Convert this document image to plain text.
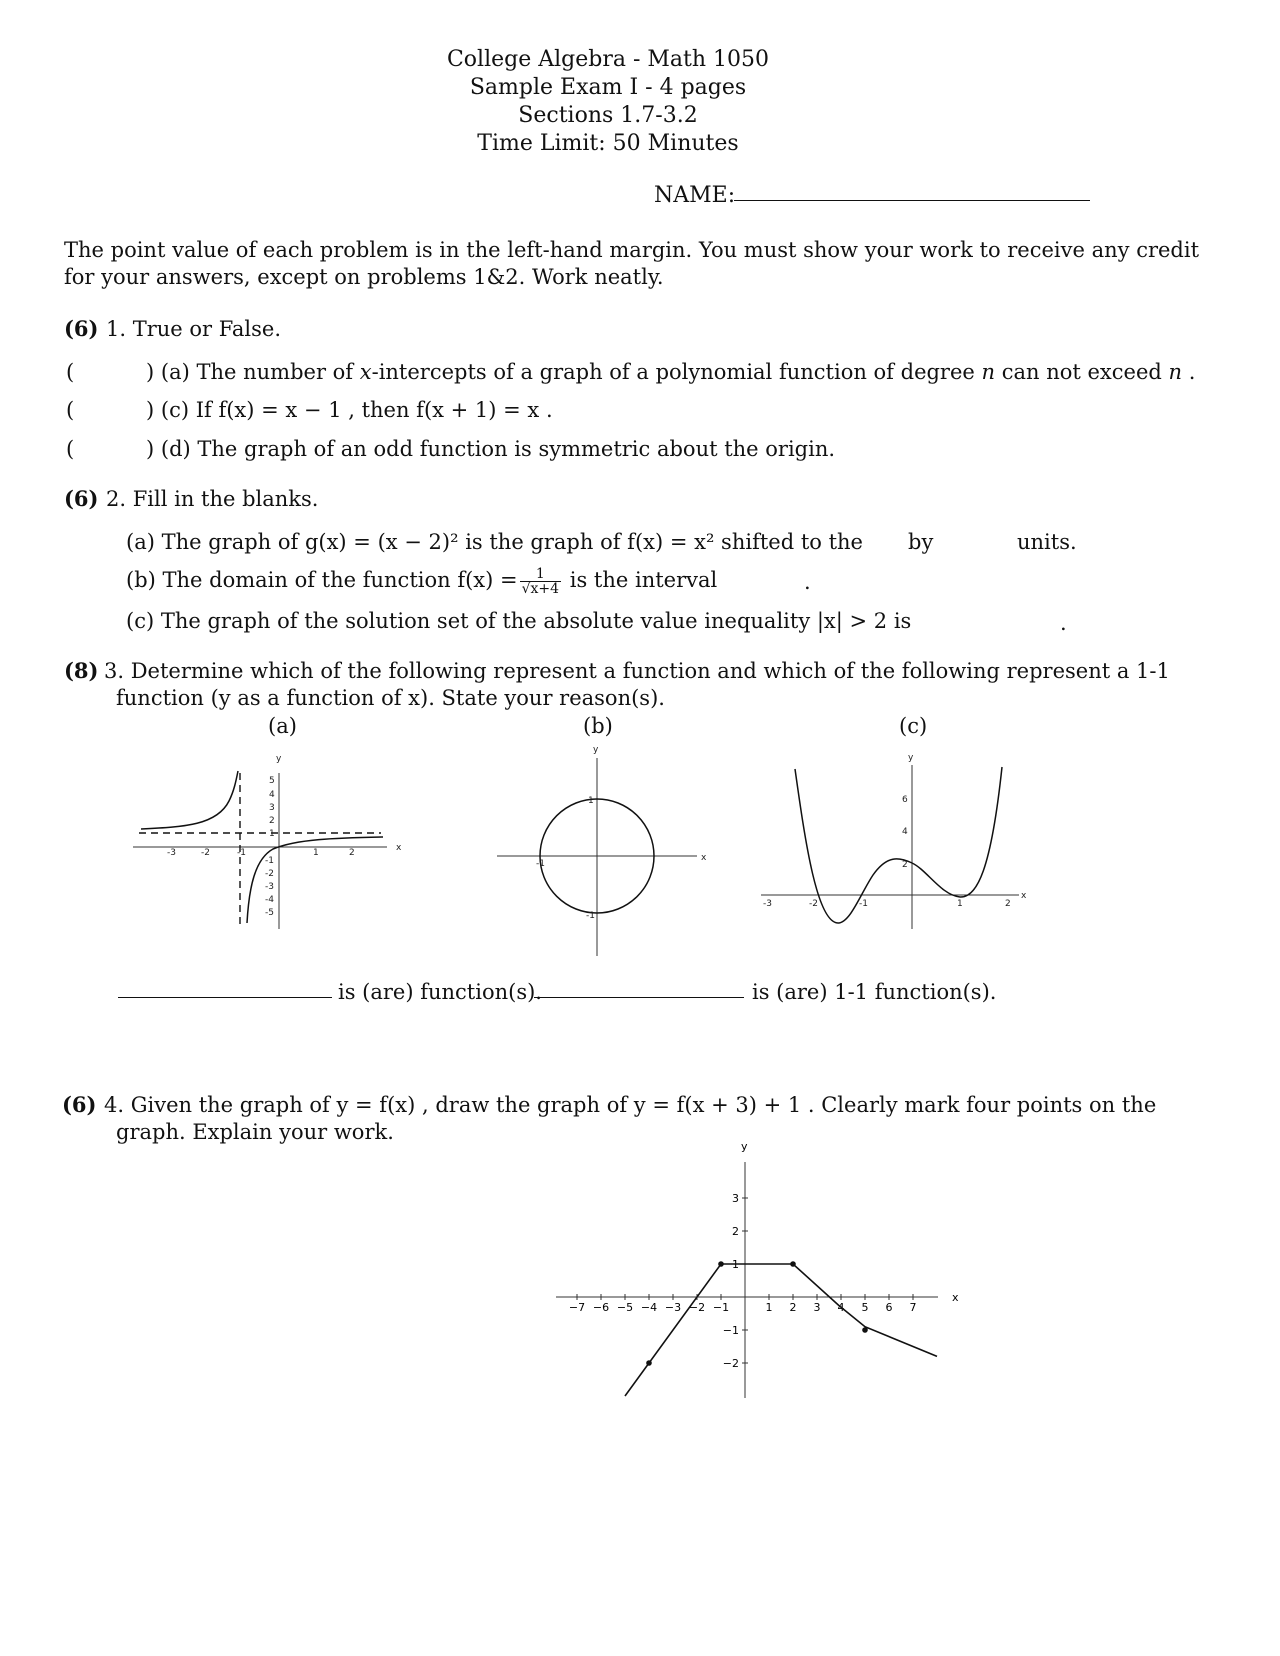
College Algebra - Math 1050
Sample Exam I - 4 pages
Sections 1.7-3.2
Time Limit: 50 Minutes
NAME:
The point value of each problem is in the left-hand margin. You must show your work to receive any credit
for your answers, except on problems 1&2. Work neatly.
(6) 1. True or False.
(	) (a) The number of x-intercepts of a graph of a polynomial function of degree n can not exceed n .
(	) (c) If f(x) = x − 1 , then f(x + 1) = x .
(	) (d) The graph of an odd function is symmetric about the origin.
(6) 2. Fill in the blanks.
(a) The graph of g(x) = (x − 2)² is the graph of f(x) = x² shifted to the by	units.
(b) The domain of the function $f(x) = \frac{1}{√x+4}$ is the interval	.
(c) The graph of the solution set of the absolute value inequality |x| > 2 is	.
(8) 3. Determine which of the following represent a function and which of the following represent a 1-1
function (y as a function of x). State your reason(s).
(a)	(b)	(c)
-3	-2	-1	1	2	x
y
5
4
3
2
1
-1
-2
-3
-4
-5
y
x
1
-1
-1
-3	-2	-1	1	2
x
y
6
4
2
is (are) function(s).	is (are) 1-1 function(s).
(6) 4. Given the graph of y = f(x) , draw the graph of y = f(x + 3) + 1 . Clearly mark four points on the
graph. Explain your work.
−7 −6 −5 −4 −3 −2 −1	1 2 3 4 5 6 7
3
2
1
−1
−2
x
y
